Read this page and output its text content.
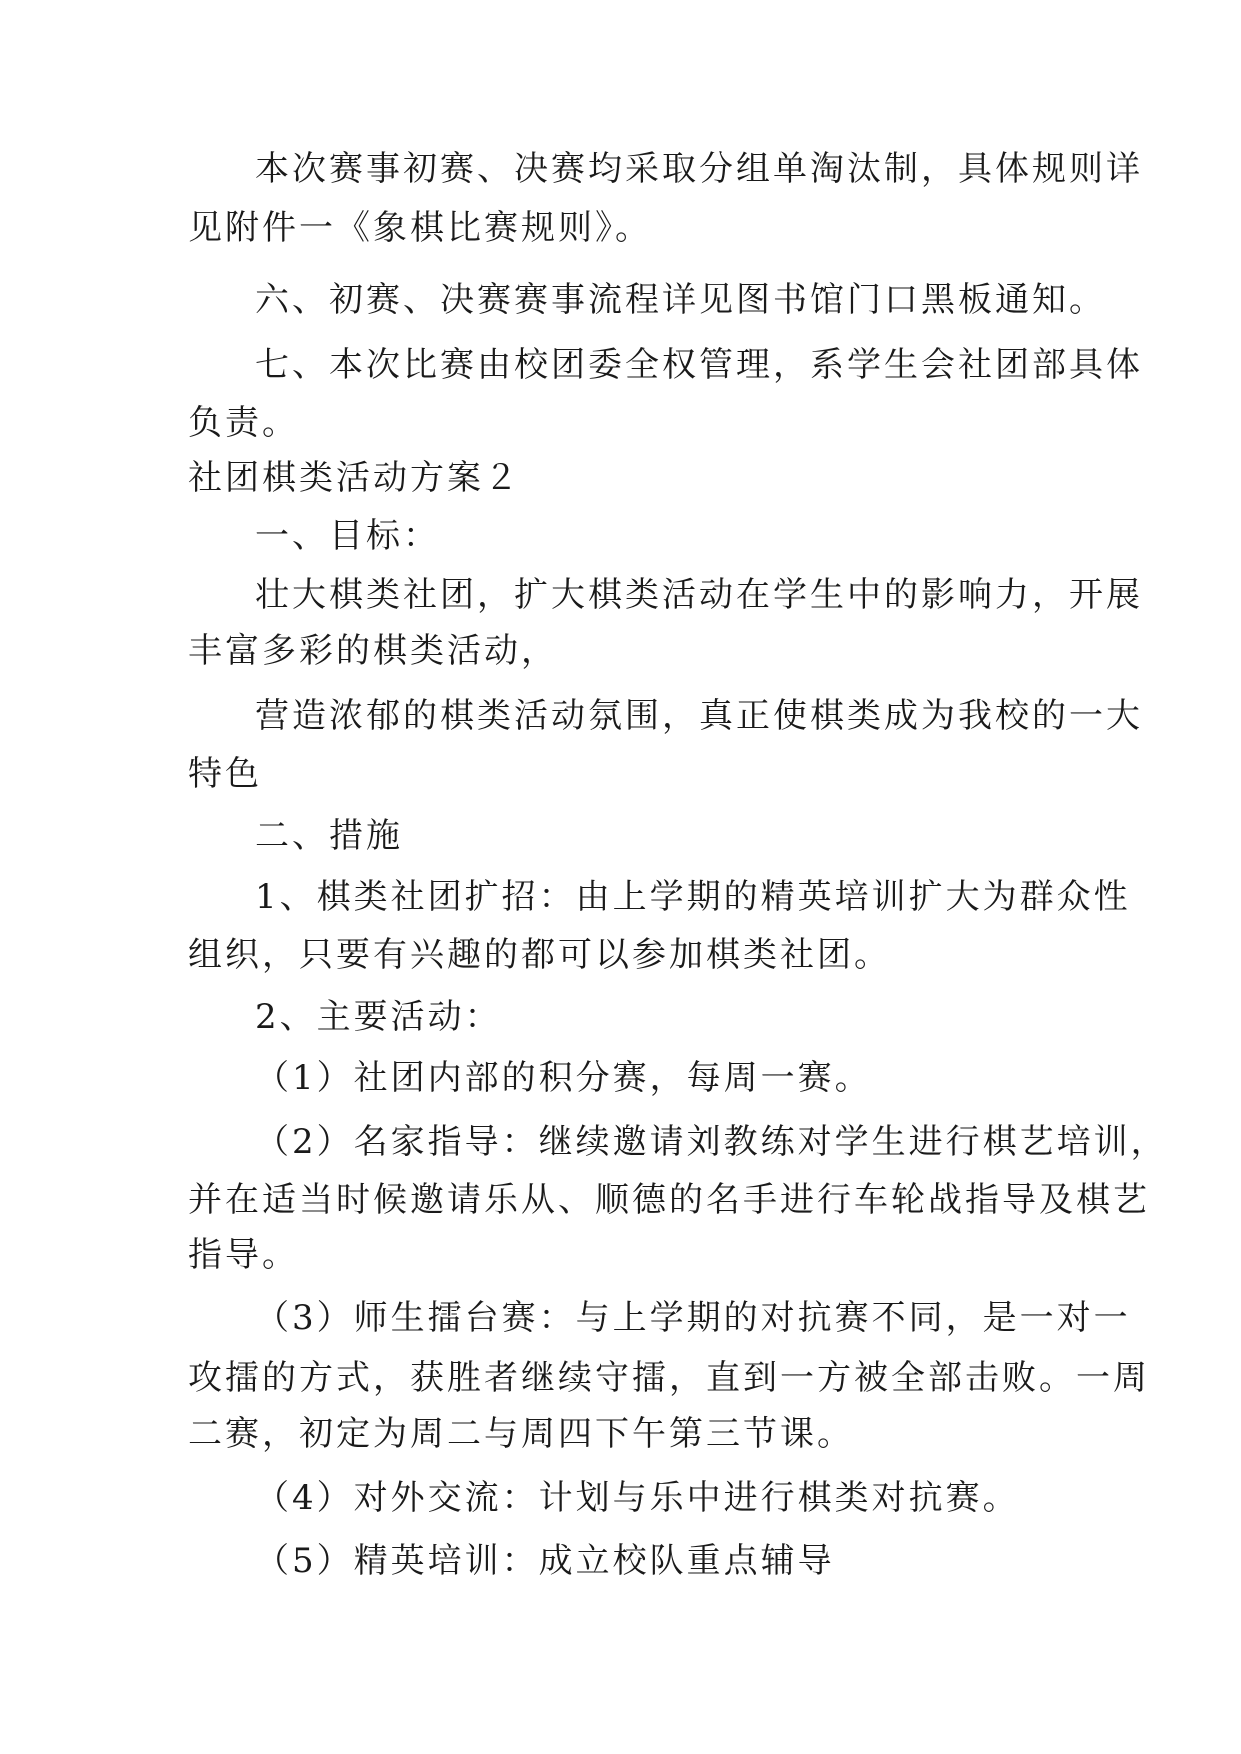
本次赛事初赛、决赛均采取分组单淘汰制，具体规则详
见附件一《象棋比赛规则》。
六、初赛、决赛赛事流程详见图书馆门口黑板通知。
七、本次比赛由校团委全权管理，系学生会社团部具体
负责。
社团棋类活动方案２
一、目标：
壮大棋类社团，扩大棋类活动在学生中的影响力，开展
丰富多彩的棋类活动，
营造浓郁的棋类活动氛围，真正使棋类成为我校的一大
特色
二、措施
1、棋类社团扩招：由上学期的精英培训扩大为群众性
组织，只要有兴趣的都可以参加棋类社团。
2、主要活动：
（1）社团内部的积分赛，每周一赛。
（2）名家指导：继续邀请刘教练对学生进行棋艺培训，
并在适当时候邀请乐从、顺德的名手进行车轮战指导及棋艺
指导。
（3）师生擂台赛：与上学期的对抗赛不同，是一对一
攻擂的方式，获胜者继续守擂，直到一方被全部击败。一周
二赛，初定为周二与周四下午第三节课。
（4）对外交流：计划与乐中进行棋类对抗赛。
（5）精英培训：成立校队重点辅导
